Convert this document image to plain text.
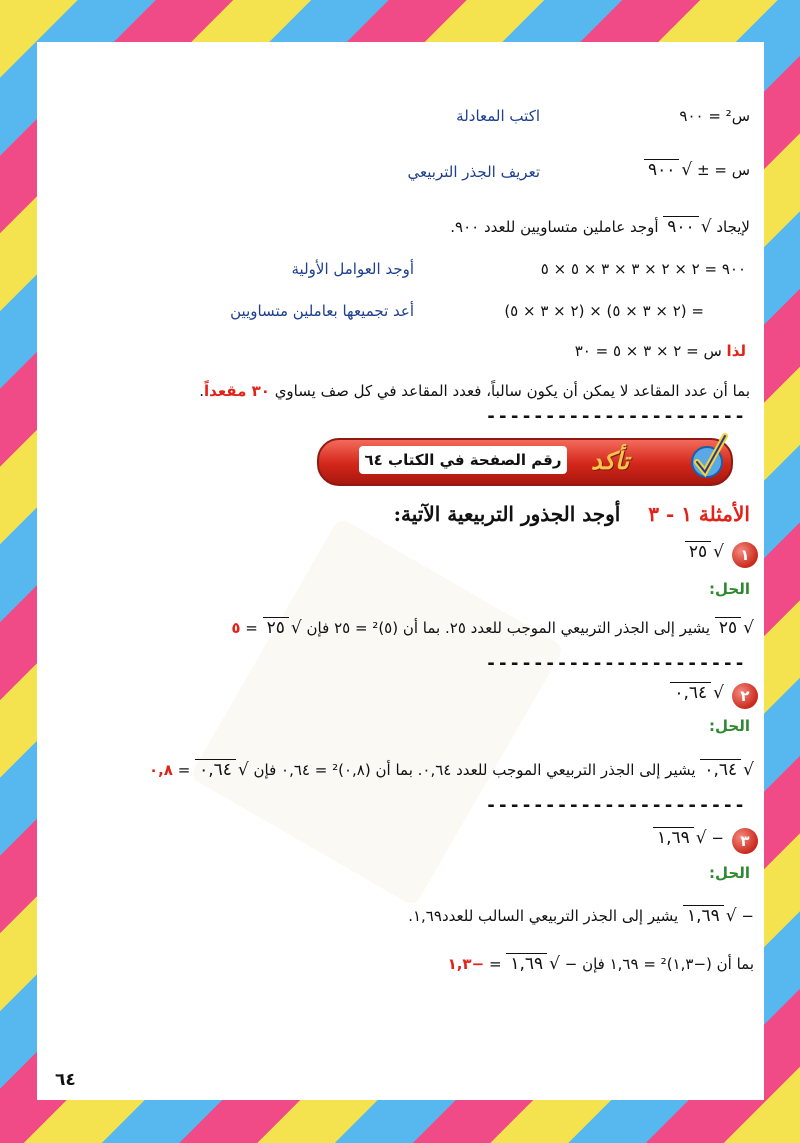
س² = ٩٠٠
اكتب المعادلة
س = ± √٩٠٠
تعريف الجذر التربيعي
لإيجاد √٩٠٠ أوجد عاملين متساويين للعدد ٩٠٠.
٩٠٠ = ٢ × ٢ × ٣ × ٣ × ٥ × ٥
أوجد العوامل الأولية
= (٢ × ٣ × ٥) × (٢ × ٣ × ٥)
أعد تجميعها بعاملين متساويين
لذا س = ٢ × ٣ × ٥ = ٣٠
بما أن عدد المقاعد لا يمكن أن يكون سالباً، فعدد المقاعد في كل صف يساوي ٣٠ مقعداً.
----------------------
رقم الصفحة في الكتاب ٦٤ تأكد
الأمثلة ١ - ٣    أوجد الجذور التربيعية الآتية:
١
√٢٥
الحل:
√٢٥ يشير إلى الجذر التربيعي الموجب للعدد ٢٥. بما أن (٥)² = ٢٥ فإن √٢٥ = ٥
----------------------
٢
√٠,٦٤
الحل:
√٠,٦٤ يشير إلى الجذر التربيعي الموجب للعدد ٠,٦٤. بما أن (٠,٨)² = ٠,٦٤ فإن √٠,٦٤ = ٠,٨
----------------------
٣
− √١,٦٩
الحل:
− √١,٦٩ يشير إلى الجذر التربيعي السالب للعدد١,٦٩.
بما أن (−١,٣)² = ١,٦٩ فإن − √١,٦٩ = −١,٣
٦٤
